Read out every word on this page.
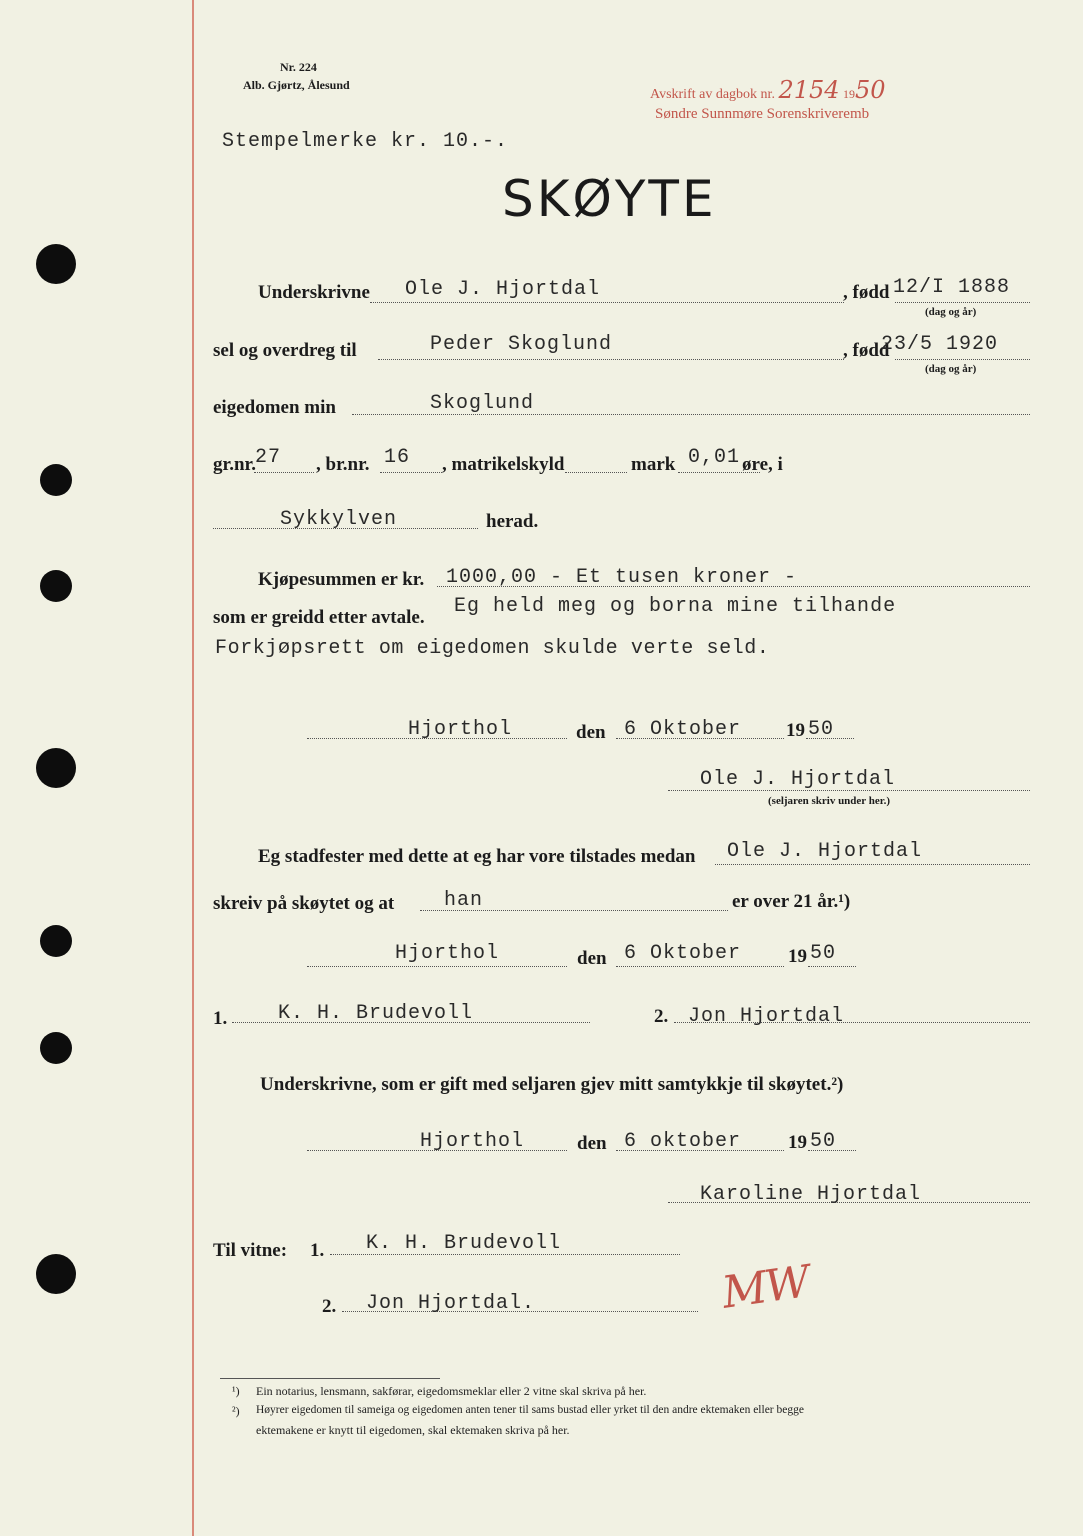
Nr. 224
Alb. Gjørtz, Ålesund
Avskrift av dagbok nr. 2154 1950
Søndre Sunnmøre Sorenskriveremb
Stempelmerke kr. 10.-.
SKØYTE
Underskrivne Ole J. Hjortdal	, fødd 12/I 1888
(dag og år)
sel og overdreg til	Peder Skoglund	, fødd
23/5 1920
(dag og år)
eigedomen min	Skoglund
gr.nr. 27 , br.nr. 16 , matrikelskyld	mark 0,01 øre, i
Sykkylven	herad.
Kjøpesummen er kr. 1000,00 - Et tusen kroner -
som er greidd etter avtale. Eg held meg og borna mine tilhande
Forkjøpsrett om eigedomen skulde verte seld.
Hjorthol	den 6 Oktober 19 50
Ole J. Hjortdal
(seljaren skriv under her.)
Eg stadfester med dette at eg har vore tilstades medan Ole J. Hjortdal
skreiv på skøytet og at han	er over 21 år.¹)
Hjorthol	den 6 Oktober 19 50
1.	K. H. Brudevoll	2. Jon Hjortdal
Underskrivne, som er gift med seljaren gjev mitt samtykkje til skøytet.²)
Hjorthol	den 6 oktober 19 50
Karoline Hjortdal
Til vitne: 1. K. H. Brudevoll
2. Jon Hjortdal.	MW
¹) Ein notarius, lensmann, sakførar, eigedomsmeklar eller 2 vitne skal skriva på her.
²) Høyrer eigedomen til sameiga og eigedomen anten tener til sams bustad eller yrket til den andre ektemaken eller begge
ektemakene er knytt til eigedomen, skal ektemaken skriva på her.
